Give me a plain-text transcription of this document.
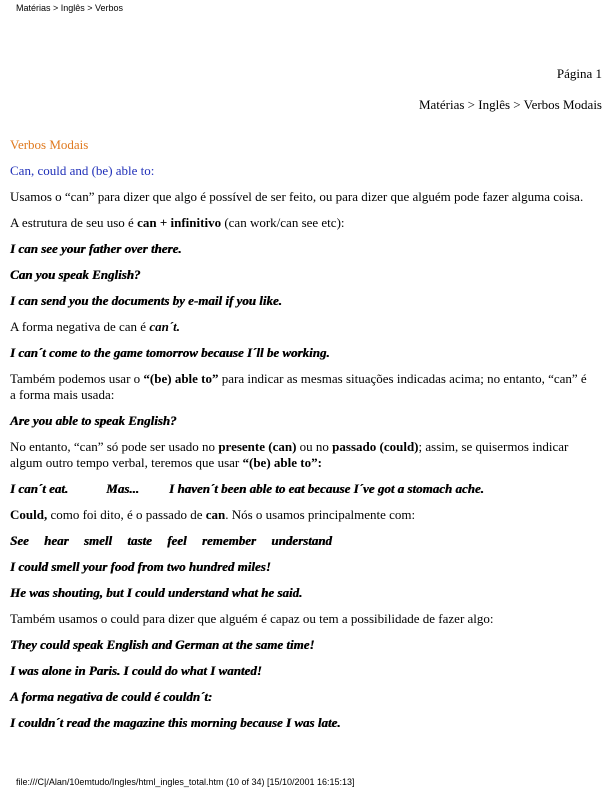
Matérias > Inglês > Verbos
Página 1
Matérias > Inglês > Verbos Modais

Verbos Modais

Can, could and (be) able to:

Usamos o “can” para dizer que algo é possível de ser feito, ou para dizer que alguém pode fazer alguma coisa.

A estrutura de seu uso é can + infinitivo (can work/can see etc):

I can see your father over there.

Can you speak English?

I can send you the documents by e-mail if you like.

A forma negativa de can é can´t.

I can´t come to the game tomorrow because I´ll be working.

Também podemos usar o “(be) able to” para indicar as mesmas situações indicadas acima; no entanto, “can” é a forma mais usada:

Are you able to speak English?

No entanto, “can” só pode ser usado no presente (can) ou no passado (could); assim, se quisermos indicar algum outro tempo verbal, teremos que usar “(be) able to”:

I can´t eat.	Mas... I haven´t been able to eat because I´ve got a stomach ache.

Could, como foi dito, é o passado de can. Nós o usamos principalmente com:

See hear smell taste feel remember understand

I could smell your food from two hundred miles!

He was shouting, but I could understand what he said.

Também usamos o could para dizer que alguém é capaz ou tem a possibilidade de fazer algo:

They could speak English and German at the same time!

I was alone in Paris. I could do what I wanted!

A forma negativa de could é couldn´t:

I couldn´t read the magazine this morning because I was late.

file:///C|/Alan/10emtudo/Ingles/html_ingles_total.htm (10 of 34) [15/10/2001 16:15:13]
